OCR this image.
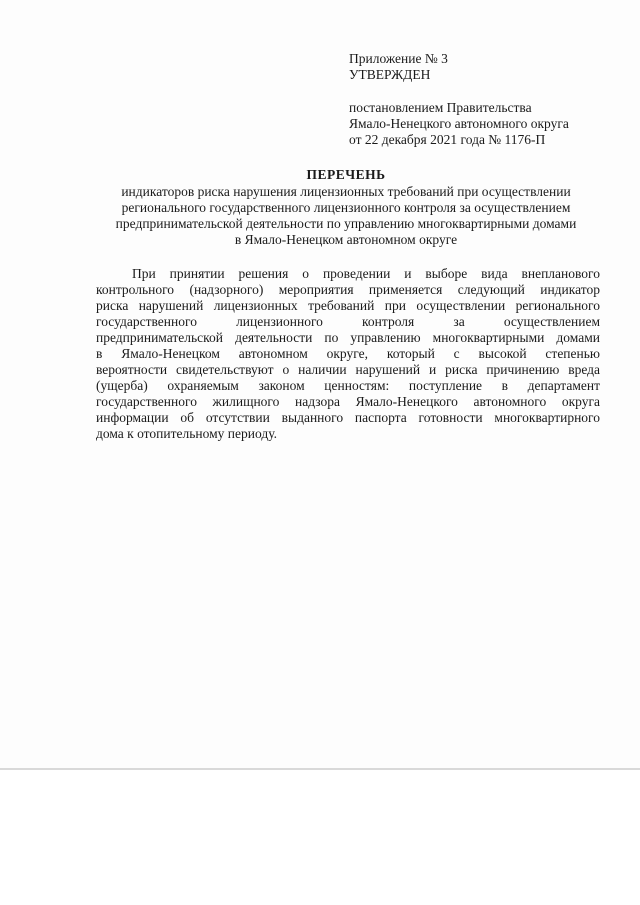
Приложение № 3
УТВЕРЖДЕН
постановлением Правительства
Ямало-Ненецкого автономного округа
от 22 декабря 2021 года № 1176-П
ПЕРЕЧЕНЬ
индикаторов риска нарушения лицензионных требований при осуществлении
регионального государственного лицензионного контроля за осуществлением
предпринимательской деятельности по управлению многоквартирными домами
в Ямало-Ненецком автономном округе
При принятии решения о проведении и выборе вида внепланового
контрольного (надзорного) мероприятия применяется следующий индикатор
риска нарушений лицензионных требований при осуществлении регионального
государственного лицензионного контроля за осуществлением
предпринимательской деятельности по управлению многоквартирными домами
в Ямало-Ненецком автономном округе, который с высокой степенью
вероятности свидетельствуют о наличии нарушений и риска причинению вреда
(ущерба) охраняемым законом ценностям: поступление в департамент
государственного жилищного надзора Ямало-Ненецкого автономного округа
информации об отсутствии выданного паспорта готовности многоквартирного
дома к отопительному периоду.
